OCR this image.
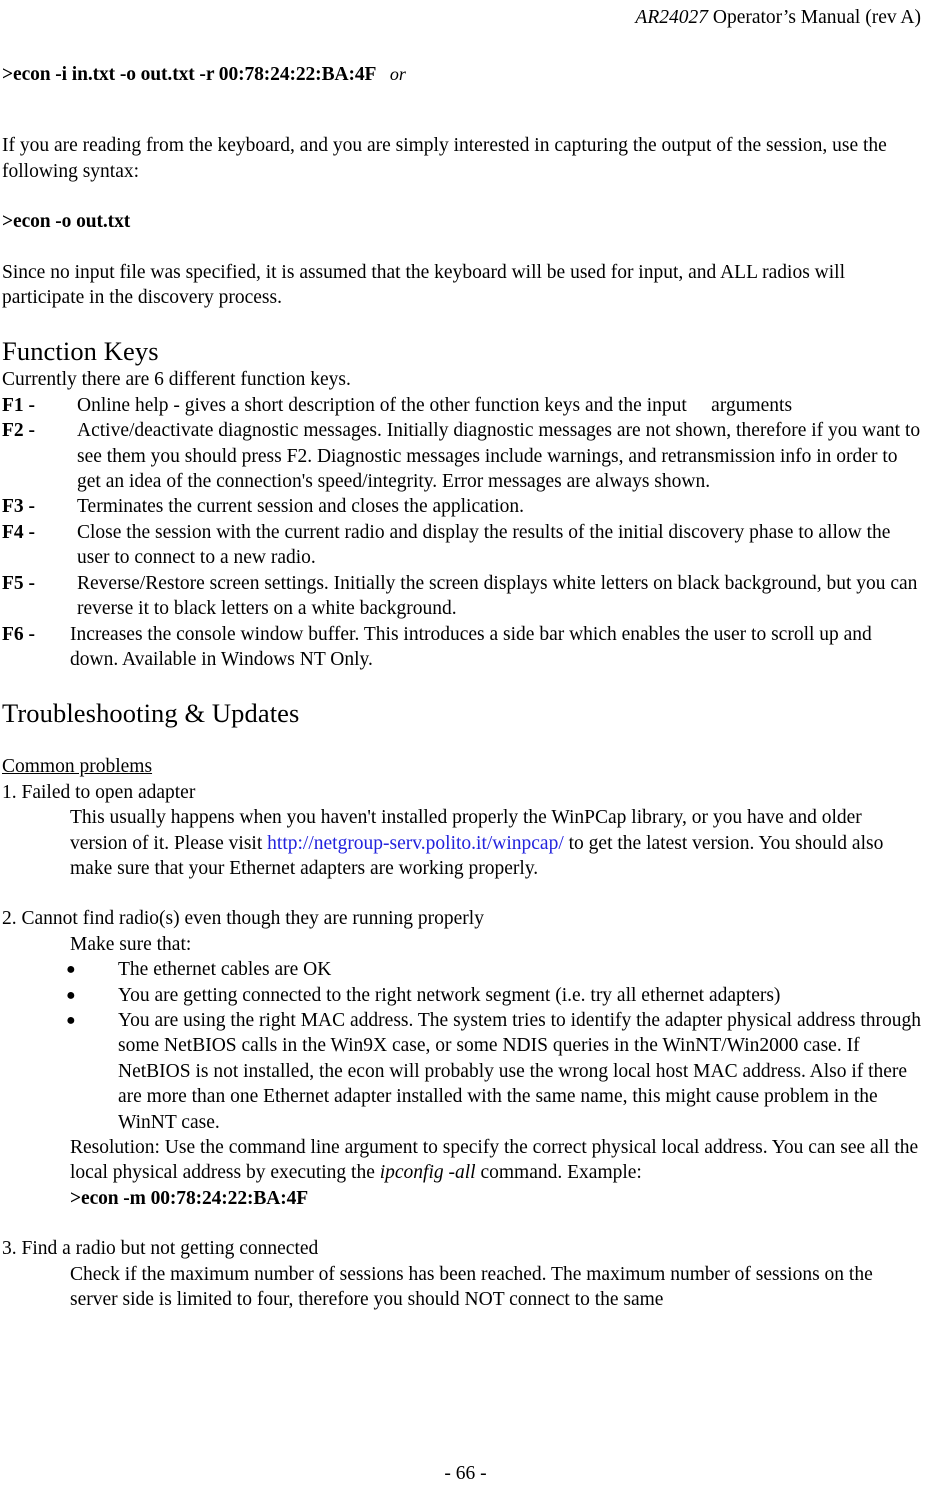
AR24027 Operator’s Manual (rev A)

>econ -i in.txt -o out.txt -r 00:78:24:22:BA:4F or

If you are reading from the keyboard, and you are simply interested in capturing the output of the session, use the following syntax:

>econ -o out.txt

Since no input file was specified, it is assumed that the keyboard will be used for input, and ALL radios will participate in the discovery process.

Function Keys

Currently there are 6 different function keys.

F1 - Online help - gives a short description of the other function keys and the input arguments

F2 - Active/deactivate diagnostic messages. Initially diagnostic messages are not shown, therefore if you want to see them you should press F2. Diagnostic messages include warnings, and retransmission info in order to get an idea of the connection's speed/integrity. Error messages are always shown.

F3 - Terminates the current session and closes the application.

F4 - Close the session with the current radio and display the results of the initial discovery phase to allow the user to connect to a new radio.

F5 - Reverse/Restore screen settings. Initially the screen displays white letters on black background, but you can reverse it to black letters on a white background.

F6 - Increases the console window buffer. This introduces a side bar which enables the user to scroll up and down. Available in Windows NT Only.

Troubleshooting & Updates

Common problems

1. Failed to open adapter

This usually happens when you haven't installed properly the WinPCap library, or you have and older version of it. Please visit http://netgroup-serv.polito.it/winpcap/ to get the latest version. You should also make sure that your Ethernet adapters are working properly.

2. Cannot find radio(s) even though they are running properly

Make sure that:

● The ethernet cables are OK

● You are getting connected to the right network segment (i.e. try all ethernet adapters)

● You are using the right MAC address. The system tries to identify the adapter physical address through some NetBIOS calls in the Win9X case, or some NDIS queries in the WinNT/Win2000 case. If NetBIOS is not installed, the econ will probably use the wrong local host MAC address. Also if there are more than one Ethernet adapter installed with the same name, this might cause problem in the WinNT case.

Resolution: Use the command line argument to specify the correct physical local address. You can see all the local physical address by executing the ipconfig -all command. Example:

>econ -m 00:78:24:22:BA:4F

3. Find a radio but not getting connected

Check if the maximum number of sessions has been reached. The maximum number of sessions on the server side is limited to four, therefore you should NOT connect to the same

- 66 -
